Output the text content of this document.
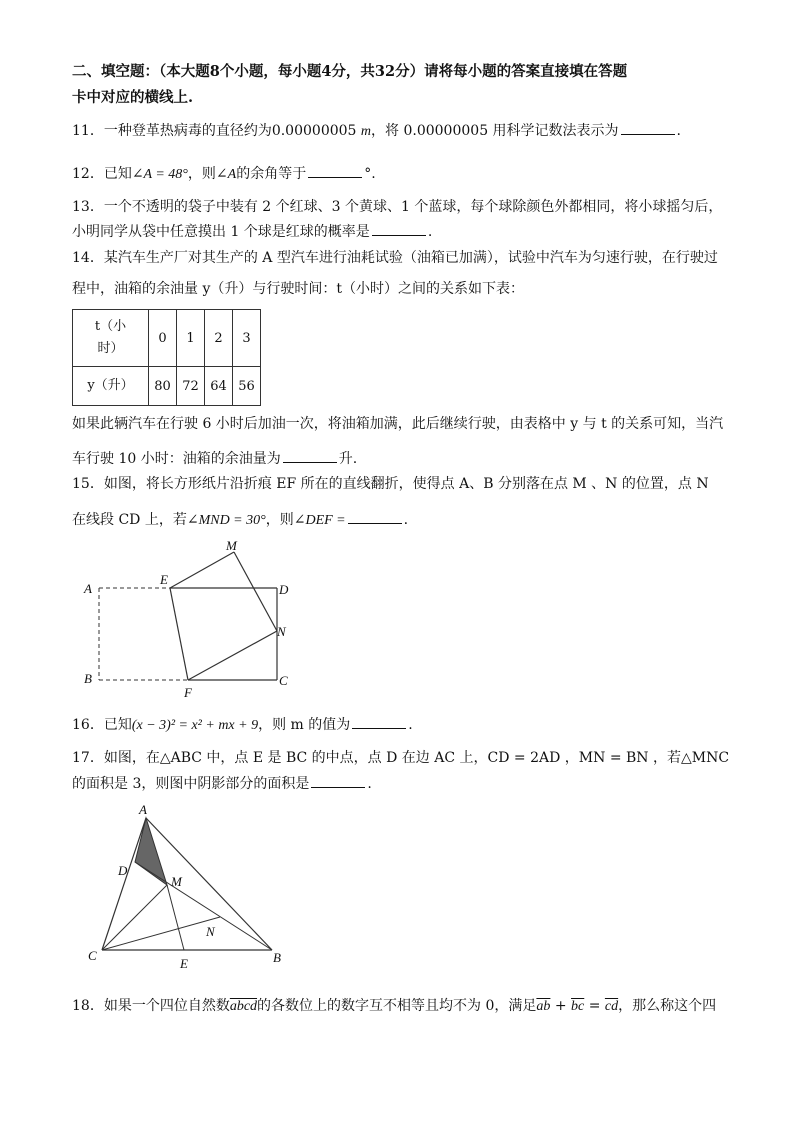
二、填空题：（本大题8个小题，每小题4分，共32分）请将每小题的答案直接填在答题
卡中对应的横线上.
11．一种登革热病毒的直径约为0.00000005 m，将 0.00000005 用科学记数法表示为	.
12．已知∠A = 48°，则∠A的余角等于	°.
13．一个不透明的袋子中装有 2 个红球、3 个黄球、1 个蓝球，每个球除颜色外都相同，将小球摇匀后，
小明同学从袋中任意摸出 1 个球是红球的概率是	.
14．某汽车生产厂对其生产的 A 型汽车进行油耗试验（油箱已加满），试验中汽车为匀速行驶，在行驶过
程中，油箱的余油量 y（升）与行驶时间：t（小时）之间的关系如下表：
t（小
时）	0	1	2	3
y（升）	80	72	64	56
如果此辆汽车在行驶 6 小时后加油一次，将油箱加满，此后继续行驶，由表格中 y 与 t 的关系可知，当汽
车行驶 10 小时：油箱的余油量为	升.
15．如图，将长方形纸片沿折痕 EF 所在的直线翻折，使得点 A、B 分别落在点 M 、N 的位置，点 N
在线段 CD 上，若∠MND = 30°，则∠DEF =	.
A
B	C
D
E
F
M
N
16．已知(x − 3)² = x² + mx + 9，则 m 的值为	.
17．如图，在△ABC 中，点 E 是 BC 的中点，点 D 在边 AC 上，CD = 2AD ，MN = BN ，若△MNC
的面积是 3，则图中阴影部分的面积是	.
A
C	B
D
M
N
E
18．如果一个四位自然数abcd的各数位上的数字互不相等且均不为 0，满足$\overline{ab} + \overline{bc} = \overline{cd}$，那么称这个四
